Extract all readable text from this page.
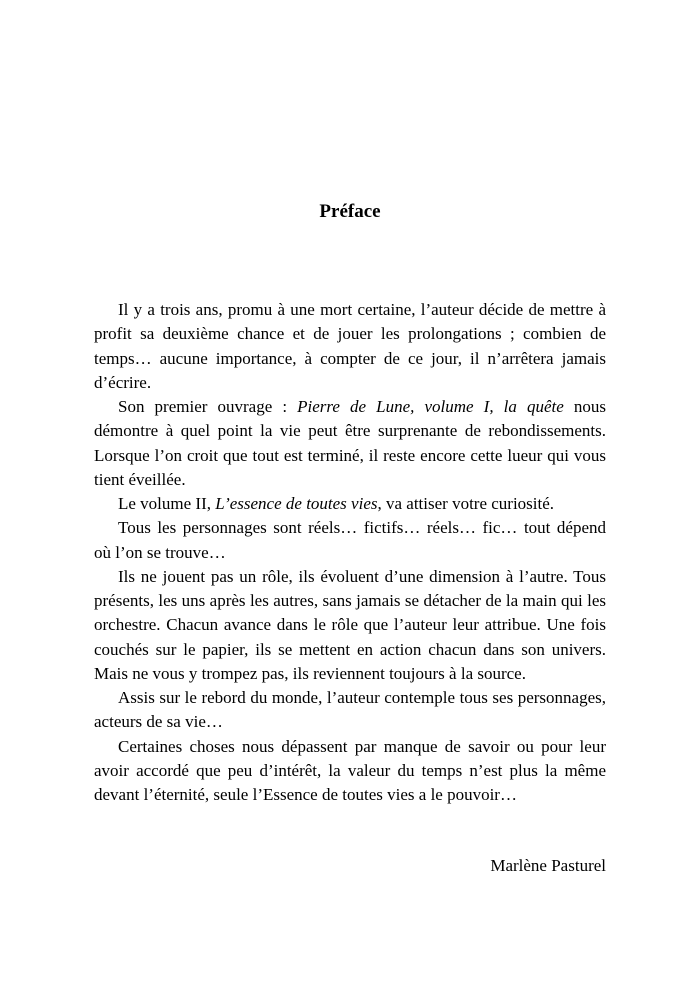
Préface

Il y a trois ans, promu à une mort certaine, l’auteur décide de mettre à profit sa deuxième chance et de jouer les prolongations ; combien de temps… aucune importance, à compter de ce jour, il n’arrêtera jamais d’écrire.

Son premier ouvrage : Pierre de Lune, volume I, la quête nous démontre à quel point la vie peut être surprenante de rebondissements. Lorsque l’on croit que tout est terminé, il reste encore cette lueur qui vous tient éveillée.

Le volume II, L’essence de toutes vies, va attiser votre curiosité.

Tous les personnages sont réels… fictifs… réels… fic… tout dépend où l’on se trouve…

Ils ne jouent pas un rôle, ils évoluent d’une dimension à l’autre. Tous présents, les uns après les autres, sans jamais se détacher de la main qui les orchestre. Chacun avance dans le rôle que l’auteur leur attribue. Une fois couchés sur le papier, ils se mettent en action chacun dans son univers. Mais ne vous y trompez pas, ils reviennent toujours à la source.

Assis sur le rebord du monde, l’auteur contemple tous ses personnages, acteurs de sa vie…

Certaines choses nous dépassent par manque de savoir ou pour leur avoir accordé que peu d’intérêt, la valeur du temps n’est plus la même devant l’éternité, seule l’Essence de toutes vies a le pouvoir…

Marlène Pasturel
